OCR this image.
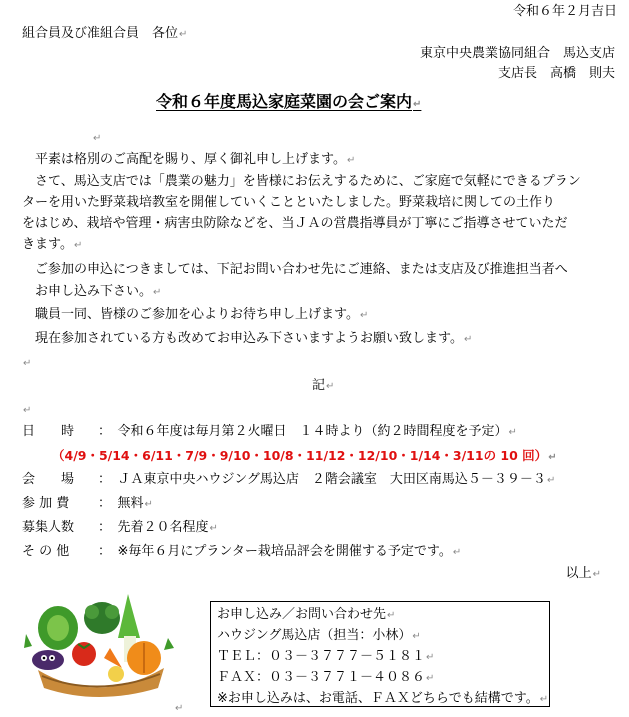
令和６年２月吉日
組合員及び准組合員　各位↵
東京中央農業協同組合　馬込支店
支店長　高橋　則夫
令和６年度馬込家庭菜園の会ご案内↵
↵
平素は格別のご高配を賜り、厚く御礼申し上げます。↵
さて、馬込支店では「農業の魅力」を皆様にお伝えするために、ご家庭で気軽にできるプラン
ターを用いた野菜栽培教室を開催していくことといたしました。野菜栽培に関しての土作り
をはじめ、栽培や管理・病害虫防除などを、当ＪＡの営農指導員が丁寧にご指導させていただ
きます。↵
ご参加の申込につきましては、下記お問い合わせ先にご連絡、または支店及び推進担当者へ
お申し込み下さい。↵
職員一同、皆様のご参加を心よりお待ち申し上げます。↵
現在参加されている方も改めてお申込み下さいますようお願い致します。↵
↵
記↵
↵
日　　時 ：　令和６年度は毎月第２火曜日　１４時より（約２時間程度を予定）↵
（4/9・5/14・6/11・7/9・9/10・10/8・11/12・12/10・1/14・3/11の 10 回）↵
会　　場 ：　ＪＡ東京中央ハウジング馬込店　２階会議室　大田区南馬込５－３９－３↵
参 加 費 ：　無料↵
募集人数 ：　先着２０名程度↵
そ の 他 ：　※毎年６月にプランター栽培品評会を開催する予定です。↵
以上↵
↵
お申し込み／お問い合わせ先↵
ハウジング馬込店（担当：小林）↵
ＴＥＬ：０３－３７７７－５１８１↵
ＦＡＸ：０３－３７７１－４０８６↵
※お申し込みは、お電話、ＦＡＸどちらでも結構です。↵
